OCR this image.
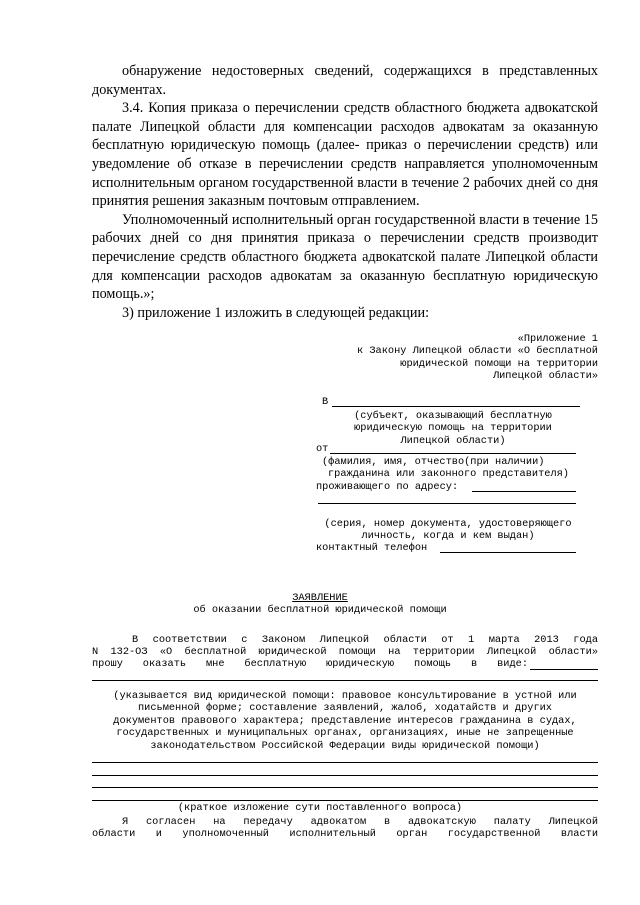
обнаружение недостоверных сведений, содержащихся в представленных документах.

3.4. Копия приказа о перечислении средств областного бюджета адвокатской палате Липецкой области для компенсации расходов адвокатам за оказанную бесплатную юридическую помощь (далее- приказ о перечислении средств) или уведомление об отказе в перечислении средств направляется уполномоченным исполнительным органом государственной власти в течение 2 рабочих дней со дня принятия решения заказным почтовым отправлением.

Уполномоченный исполнительный орган государственной власти в течение 15 рабочих дней со дня принятия приказа о перечислении средств производит перечисление средств областного бюджета адвокатской палате Липецкой области для компенсации расходов адвокатам за оказанную бесплатную юридическую помощь.»;

3) приложение 1 изложить в следующей редакции:

«Приложение 1
к Закону Липецкой области «О бесплатной
юридической помощи на территории
Липецкой области»
В
(субъект, оказывающий бесплатную
юридическую помощь на территории
Липецкой области)
от
(фамилия, имя, отчество(при наличии)
гражданина или законного представителя)
проживающего по адресу:
(серия, номер документа, удостоверяющего
личность, когда и кем выдан)
контактный телефон
ЗАЯВЛЕНИЕ
об оказании бесплатной юридической помощи
В соответствии с Законом Липецкой области от 1 марта 2013 года
N 132-ОЗ «О бесплатной юридической помощи на территории Липецкой области»
прошу оказать мне бесплатную юридическую помощь в виде:
(указывается вид юридической помощи: правовое консультирование в устной или
письменной форме; составление заявлений, жалоб, ходатайств и других
документов правового характера; представление интересов гражданина в судах,
государственных и муниципальных органах, организациях, иные не запрещенные
законодательством Российской Федерации виды юридической помощи)
(краткое изложение сути поставленного вопроса)
Я согласен на передачу адвокатом в адвокатскую палату Липецкой
области и уполномоченный исполнительный орган государственной власти
